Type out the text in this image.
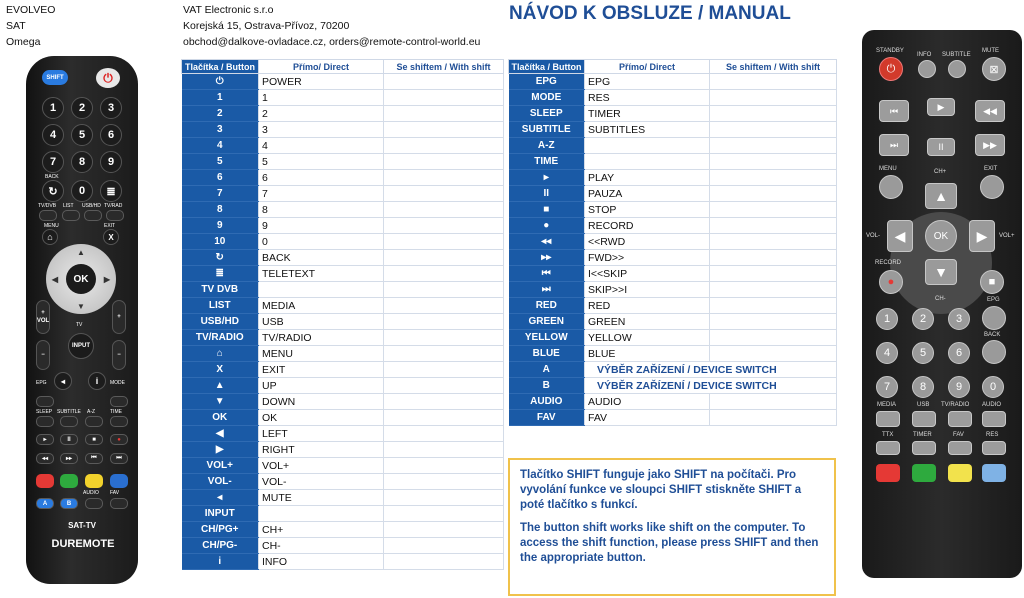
EVOLVEO
SAT
Omega
VAT Electronic s.r.o
Korejská 15, Ostrava-Přívoz, 70200
obchod@dalkove-ovladace.cz, orders@remote-control-world.eu
NÁVOD K OBSLUZE / MANUAL
Tlačítka / Button	Přímo/ Direct	Se shiftem / With shift
⏻	POWER	
1	1	
2	2	
3	3	
4	4	
5	5	
6	6	
7	7	
8	8	
9	9	
10	0	
↻	BACK	
≣	TELETEXT	
TV DVB		
LIST	MEDIA	
USB/HD	USB	
TV/RADIO	TV/RADIO	
⌂	MENU	
X	EXIT	
▲	UP	
▼	DOWN	
OK	OK	
◀	LEFT	
▶	RIGHT	
VOL+	VOL+	
VOL-	VOL-	
◂	MUTE	
INPUT		
CH/PG+	CH+	
CH/PG-	CH-	
i	INFO	
Tlačítka / Button	Přímo/ Direct	Se shiftem / With shift
EPG	EPG	
MODE	RES	
SLEEP	TIMER	
SUBTITLE	SUBTITLES	
A-Z		
TIME		
▸	PLAY	
II	PAUZA	
■	STOP	
●	RECORD	
◂◂	<<RWD	
▸▸	FWD>>	
⏮	I<<SKIP	
⏭	SKIP>>I	
RED	RED	
GREEN	GREEN	
YELLOW	YELLOW	
BLUE	BLUE	
A	VÝBĚR ZAŘÍZENÍ / DEVICE SWITCH	
B	VÝBĚR ZAŘÍZENÍ / DEVICE SWITCH	
AUDIO	AUDIO	
FAV	FAV	

Tlačítko SHIFT funguje jako SHIFT na počítači. Pro vyvolání funkce ve sloupci SHIFT stiskněte SHIFT a poté tlačítko s funkcí.

The button shift works like shift on the computer. To access the shift function, please press SHIFT and then the appropriate button.

SHIFT	⏻
1	2	3
4	5	6
7	8	9
BACK
↻	0	≣
TV/DVB LIST USB/HD TV/RAD
MENU	EXIT
⌂	X
OK
▲
▼
◀	▶
+
VOL
+
TV
INPUT
−	−
◂	i
EPG	MODE
SLEEP SUBTITLE A-Z	TIME
▸	II	■	●
◂◂	▸▸	⏮	⏭
AUDIO FAV
A	B
SAT-TV
DUREMOTE
STANDBY
INFO SUBTITLE
MUTE
⏻	⊠
⏮	▶	◀◀
⏭	II	▶▶
MENU	CH+	EXIT
▲
▼
◀	▶
OK
VOL-	VOL+
RECORD
●	■
CH-	EPG
1	2	3
BACK
4	5	6
7	8	9	0
MEDIA	USB TV/RADIO AUDIO
TTX	TIMER	FAV	RES
